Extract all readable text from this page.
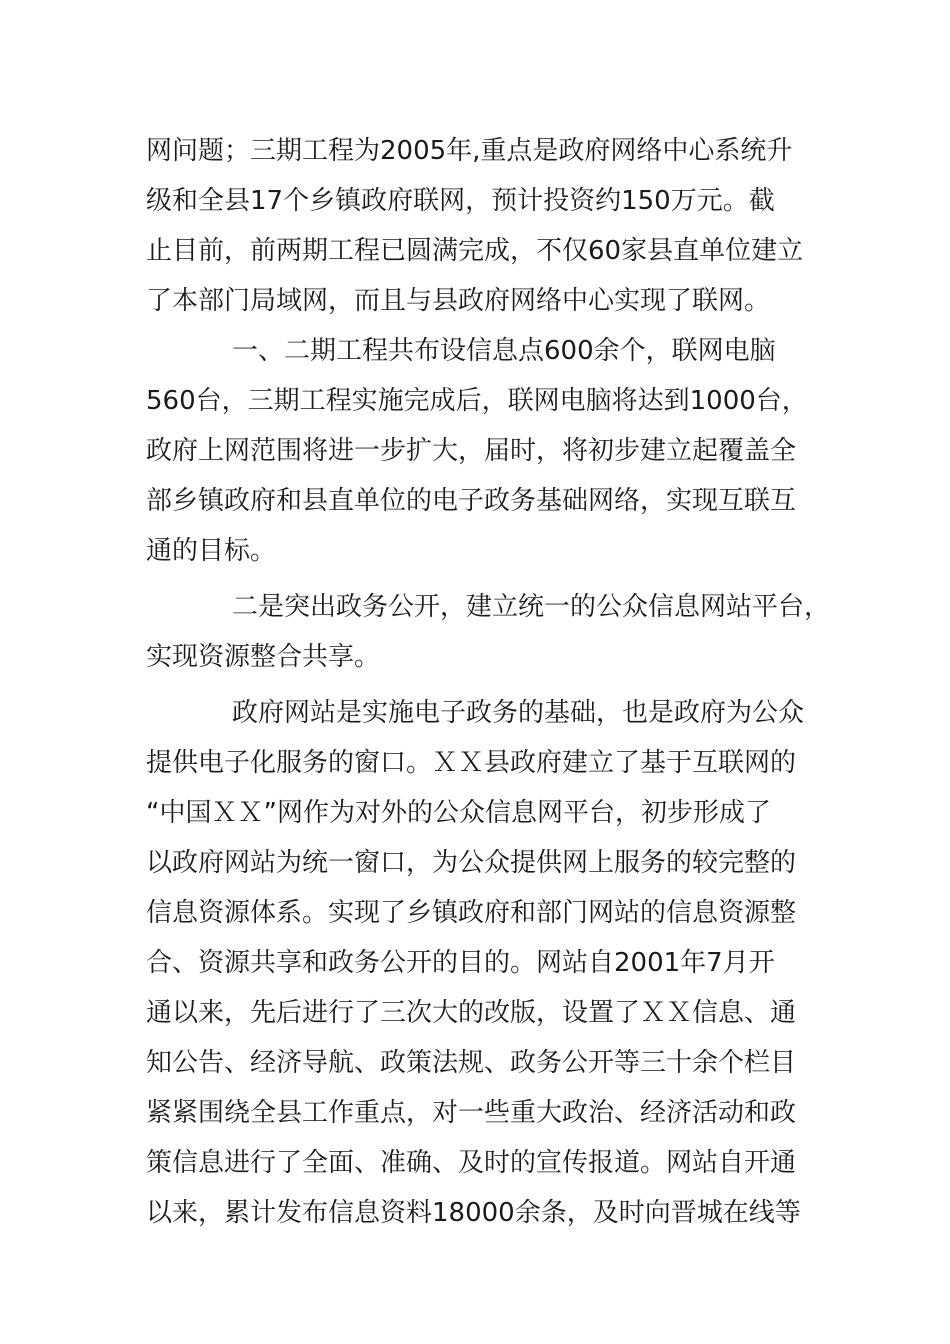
网问题；三期工程为2005年,重点是政府网络中心系统升
级和全县17个乡镇政府联网，预计投资约150万元。截
止目前，前两期工程已圆满完成，不仅60家县直单位建立
了本部门局域网，而且与县政府网络中心实现了联网。
一、二期工程共布设信息点600余个，联网电脑
560台，三期工程实施完成后，联网电脑将达到1000台，
政府上网范围将进一步扩大，届时，将初步建立起覆盖全
部乡镇政府和县直单位的电子政务基础网络，实现互联互
通的目标。
二是突出政务公开，建立统一的公众信息网站平台，
实现资源整合共享。
政府网站是实施电子政务的基础，也是政府为公众
提供电子化服务的窗口。ＸＸ县政府建立了基于互联网的
“中国ＸＸ”网作为对外的公众信息网平台，初步形成了
以政府网站为统一窗口，为公众提供网上服务的较完整的
信息资源体系。实现了乡镇政府和部门网站的信息资源整
合、资源共享和政务公开的目的。网站自2001年7月开
通以来，先后进行了三次大的改版，设置了ＸＸ信息、通
知公告、经济导航、政策法规、政务公开等三十余个栏目
紧紧围绕全县工作重点，对一些重大政治、经济活动和政
策信息进行了全面、准确、及时的宣传报道。网站自开通
以来，累计发布信息资料18000余条，及时向晋城在线等
